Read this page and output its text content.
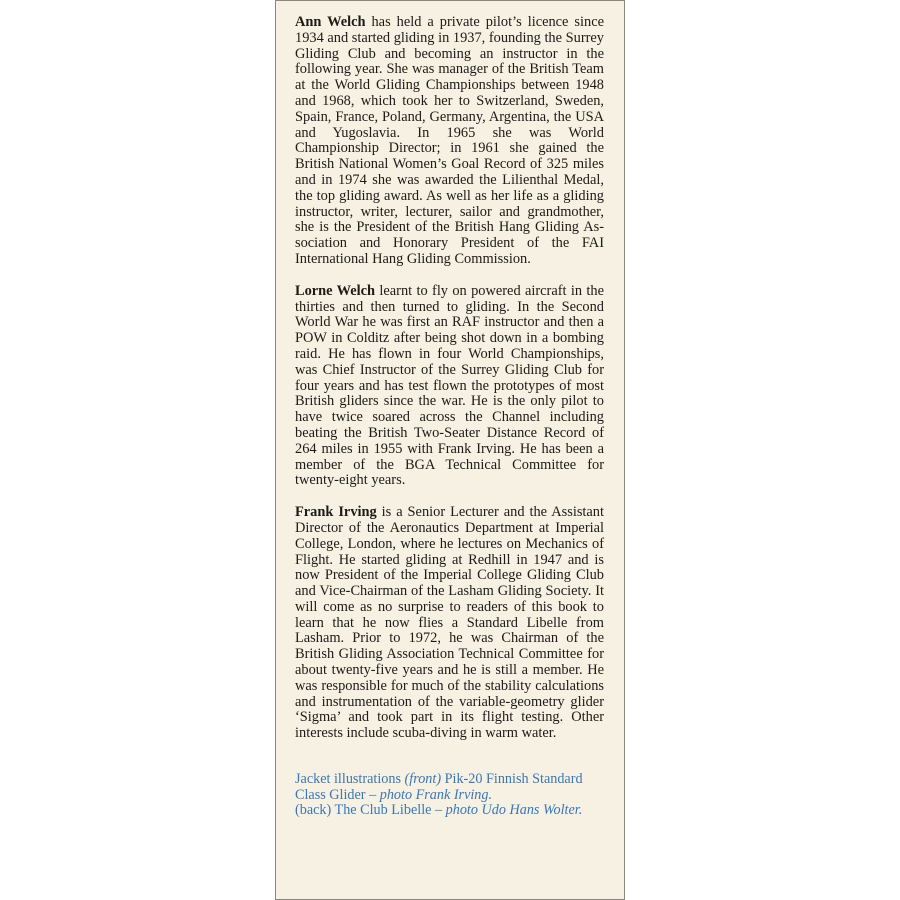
Ann Welch has held a private pilot’s licence since 1934 and started gliding in 1937, founding the Surrey Gliding Club and becoming an instructor in the following year. She was manager of the British Team at the World Gliding Championships between 1948 and 1968, which took her to Switzerland, Sweden, Spain, France, Poland, Germany, Argentina, the USA and Yugoslavia. In 1965 she was World Championship Director; in 1961 she gained the British National Women’s Goal Record of 325 miles and in 1974 she was awarded the Lilienthal Medal, the top gliding award. As well as her life as a gliding instructor, writer, lecturer, sailor and grandmother, she is the President of the British Hang Gliding Association and Honorary President of the FAI International Hang Gliding Commission.

Lorne Welch learnt to fly on powered aircraft in the thirties and then turned to gliding. In the Second World War he was first an RAF instructor and then a POW in Colditz after being shot down in a bombing raid. He has flown in four World Championships, was Chief Instructor of the Surrey Gliding Club for four years and has test flown the prototypes of most British gliders since the war. He is the only pilot to have twice soared across the Channel including beating the British Two-Seater Distance Record of 264 miles in 1955 with Frank Irving. He has been a member of the BGA Technical Committee for twenty-eight years.

Frank Irving is a Senior Lecturer and the Assistant Director of the Aeronautics Department at Imperial College, London, where he lectures on Mechanics of Flight. He started gliding at Redhill in 1947 and is now President of the Imperial College Gliding Club and Vice-Chairman of the Lasham Gliding Society. It will come as no surprise to readers of this book to learn that he now flies a Standard Libelle from Lasham. Prior to 1972, he was Chairman of the British Gliding Association Technical Committee for about twenty-five years and he is still a member. He was responsible for much of the stability calculations and instrumentation of the variable-geometry glider ‘Sigma’ and took part in its flight testing. Other interests include scuba-diving in warm water.

Jacket illustrations (front) Pik-20 Finnish Standard
Class Glider – photo Frank Irving.
(back) The Club Libelle – photo Udo Hans Wolter.
